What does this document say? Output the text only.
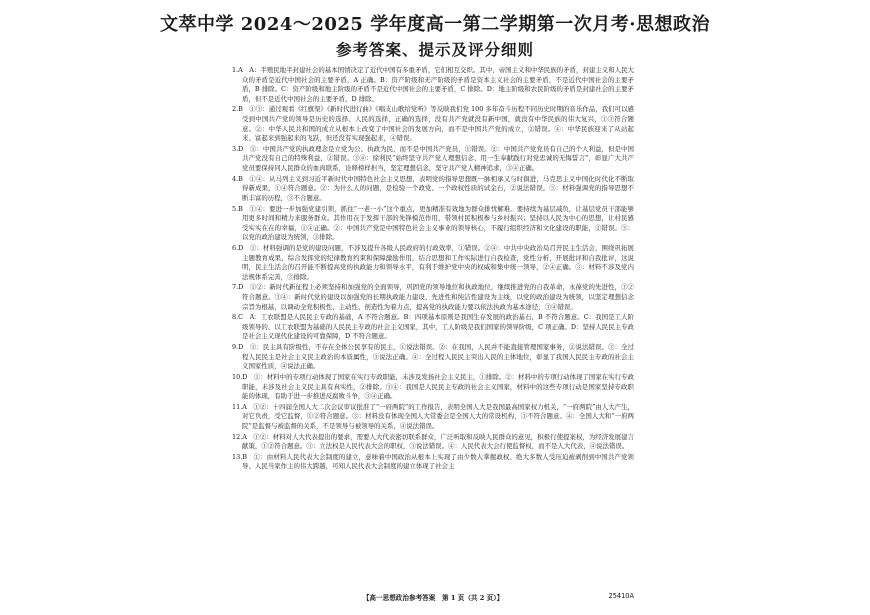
文萃中学 2024～2025 学年度高一第二学期第一次月考·思想政治
参考答案、提示及评分细则

1.A　A：半殖民地半封建社会的基本国情决定了近代中国有多重矛盾，它们相互交织。其中，帝国主义和中华民族的矛盾，封建主义和人民大众的矛盾是近代中国社会的主要矛盾，A 正确。B：资产阶级和无产阶级的矛盾是资本主义社会的主要矛盾，不是近代中国社会的主要矛盾，B 排除。C：资产阶级和地主阶级的矛盾不是近代中国社会的主要矛盾，C 排除。D：地主阶级和农民阶级的矛盾是封建社会的主要矛盾，但不是近代中国社会的主要矛盾，D 排除。

2.B　①③：通过观看《红旗渠》《新时代进行曲》《唱支山歌给党听》等反映我们党 100 多年奋斗历程不同历史时期的音乐作品，我们可以感受到中国共产党的领导是历史的选择、人民的选择，正确的选择，没有共产党就没有新中国，就没有中华民族的伟大复兴，①③符合题意。②：中华人民共和国的成立从根本上改变了中国社会的发展方向，而不是中国共产党的成立，②错误。④：中华民族迎来了从站起来、富起来到强起来的飞跃，但还没有实现强起来，④错误。

3.D　①：中国共产党的执政理念是立党为公、执政为民，而不是中国共产党员，①错误。②：中国共产党党员有自己的个人利益，但是中国共产党没有自己的特殊利益，②错误。③④：徐利民“始终坚守共产党人理想信念、用一生奉献践行对党忠诚的无悔誓言”，彰显广大共产党员要保持同人民群众的血肉联系，诠释榜样担当，坚定理想信念，坚守共产党人精神追求，③④正确。

4.B　①④：从马列主义到习近平新时代中国特色社会主义思想，表明党的指导思想既一脉相承又与时俱进，马克思主义中国化时代化不断取得新成果，①④符合题意。②：为什么人的问题，是检验一个政党、一个政权性质的试金石，②说法错误。③：材料强调党的指导思想不断丰富的历程，③不合题意。

5.B　①④：要进一步加强党建引领，抓住“一老一小”这个重点，更加精准有效地为群众排忧解难。要持续为基层减负，让基层党员干部能够用更多时间和精力来服务群众。其作用在于发挥干部的先锋模范作用，带领村民积极参与乡村振兴；坚持以人民为中心的思想，让村民感受实实在在的幸福，①④正确。②：中国共产党是中国特色社会主义事业的领导核心，不履行组织经济和文化建设的职能，②错误。③：以党的政治建设为统领，③排除。

6.D　①：材料强调的是党的建设问题，不涉及提升各级人民政府的行政效率，①错误。②④：中共中央政治局召开民主生活会，围绕巩拓展主题教育成果，综合发挥党的纪律教育约束和保障激励作用，结合思想和工作实际进行自我检查，党性分析，开展批评和自我批评，这说明，民主生活会的召开能不断提高党的执政能力和领导水平，有利于维护党中央的权威和集中统一领导，②④正确。③：材料不涉及党内法规体系完善，③排除。

7.D　①②：新时代新征程上必须坚持和加强党的全面领导，巩固党的领导地位和执政地位，继续推进党的自我革命，永葆党的先进性，①②符合题意。③④：新时代党的建设以加强党的长期执政能力建设、先进性和纯洁性建设为主线，以党的政治建设为统领，以坚定理想信念宗旨为根基，以调动全党积极性、主动性、创造性为着力点，提高党的执政能力要以依法执政为基本途径，③④错误。

8.C　A：工农联盟是人民民主专政的基础，A 不符合题意。B：四项基本原则是我国生存发展的政治基石，B 不符合题意。C：我国是工人阶级领导的、以工农联盟为基础的人民民主专政的社会主义国家，其中，工人阶级是我们国家的领导阶级，C 项正确。D：坚持人民民主专政是社会主义现代化建设的可靠保障，D 不符合题意。

9.D　①：民主具有阶级性，不存在全体公民享有的民主，①说法错误。②：在我国，人民并不能直接管理国家事务，②说法错误。③：全过程人民民主是社会主义民主政治的本质属性，③说法正确。④：全过程人民民主突出人民的主体地位，彰显了我国人民民主专政的社会主义国家性质，④说法正确。

10.D　①：材料中的专项行动体现了国家在实行专政职能，未涉及发扬社会主义民主，①排除。②：材料中的专项行动体现了国家在实行专政职能，未涉及社会主义民主具有真实性，②排除。③④：我国是人民民主专政的社会主义国家，材料中的这些专项行动是国家坚持专政职能的体现，有助于进一步推进反腐败斗争，③④正确。

11.A　①②：十四届全国人大二次会议审议批准了“一府两院”的工作报告，表明全国人大是我国最高国家权力机关，“一府两院”由人大产生，对它负责，受它监督，①②符合题意。③：材料没有体现全国人大常委会是全国人大的常设机构，③不符合题意。④：全国人大和“一府两院”是监督与被监督的关系，不是领导与被领导的关系，④说法错误。

12.A　①②：材料对人大代表提出的要求，需要人大代表密切联系群众，广泛听取和反映人民群众的意见，积极行使提案权，为经济发展建言献策，①②符合题意。③：立法权是人民代表大会的职权，③说法错误。④：人民代表大会行使监督权，而不是人大代表，④说法错误。

13.B　①：由材料人民代表大会制度的建立，意味着中国政治从根本上实现了由少数人掌握政权、绝大多数人受压迫被剥削到中国共产党领导、人民当家作主的伟大跨越，可知人民代表大会制度的建立体现了社会主

【高一思想政治参考答案　第 1 页（共 2 页）】	25410A
